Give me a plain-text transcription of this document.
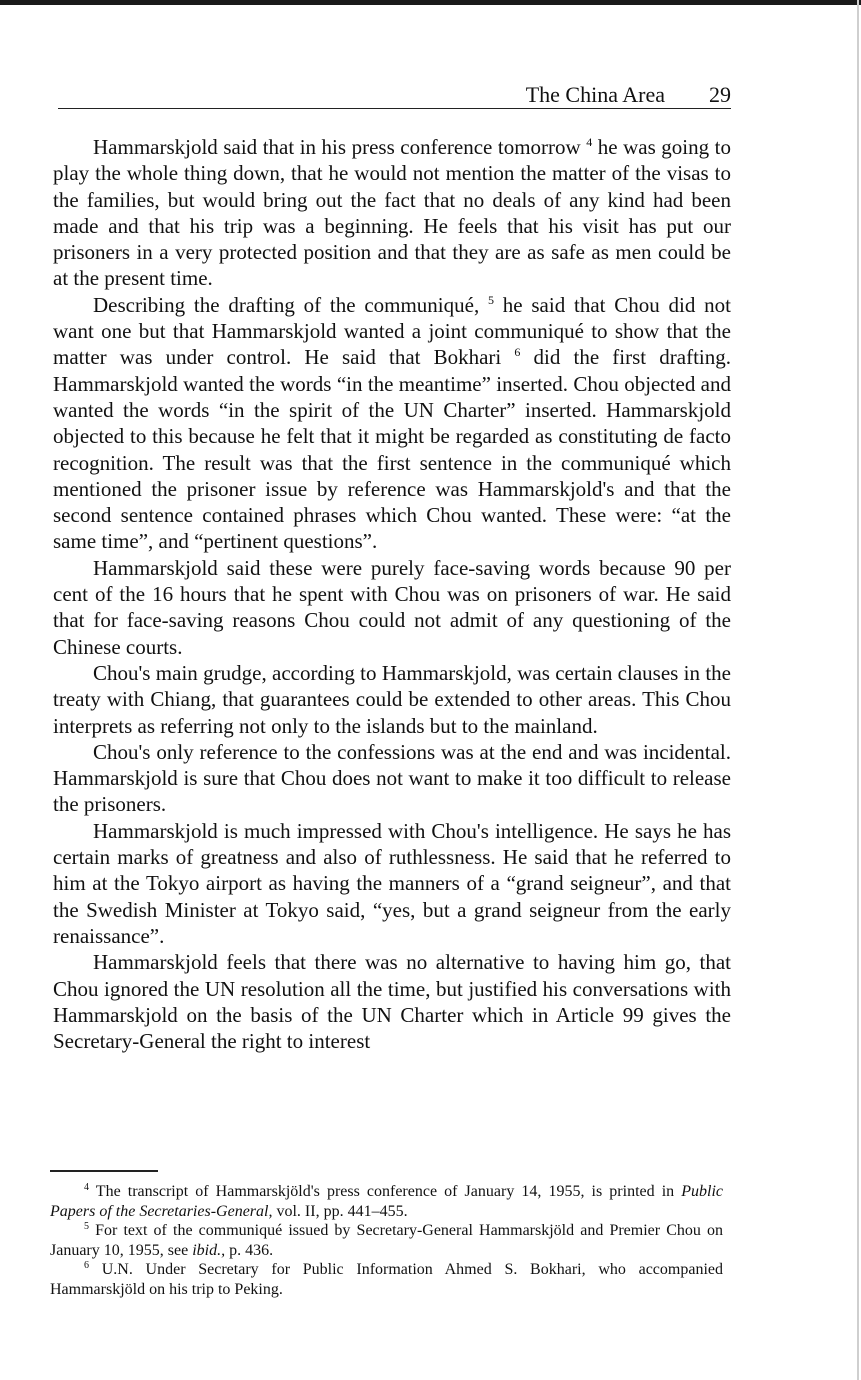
The China Area 29

Hammarskjold said that in his press conference tomorrow $^4$ he was going to play the whole thing down, that he would not mention the matter of the visas to the families, but would bring out the fact that no deals of any kind had been made and that his trip was a beginning. He feels that his visit has put our prisoners in a very protected position and that they are as safe as men could be at the present time.

Describing the drafting of the communiqué, $^5$ he said that Chou did not want one but that Hammarskjold wanted a joint communiqué to show that the matter was under control. He said that Bokhari $^6$ did the first drafting. Hammarskjold wanted the words “in the meantime” inserted. Chou objected and wanted the words “in the spirit of the UN Charter” inserted. Hammarskjold objected to this because he felt that it might be regarded as constituting de facto recognition. The result was that the first sentence in the communiqué which mentioned the prisoner issue by reference was Hammarskjold's and that the second sentence contained phrases which Chou wanted. These were: “at the same time”, and “pertinent questions”.

Hammarskjold said these were purely face-saving words because 90 per cent of the 16 hours that he spent with Chou was on prisoners of war. He said that for face-saving reasons Chou could not admit of any questioning of the Chinese courts.

Chou's main grudge, according to Hammarskjold, was certain clauses in the treaty with Chiang, that guarantees could be extended to other areas. This Chou interprets as referring not only to the islands but to the mainland.

Chou's only reference to the confessions was at the end and was incidental. Hammarskjold is sure that Chou does not want to make it too difficult to release the prisoners.

Hammarskjold is much impressed with Chou's intelligence. He says he has certain marks of greatness and also of ruthlessness. He said that he referred to him at the Tokyo airport as having the manners of a “grand seigneur”, and that the Swedish Minister at Tokyo said, “yes, but a grand seigneur from the early renaissance”.

Hammarskjold feels that there was no alternative to having him go, that Chou ignored the UN resolution all the time, but justified his conversations with Hammarskjold on the basis of the UN Charter which in Article 99 gives the Secretary-General the right to interest

$^4$ The transcript of Hammarskjöld's press conference of January 14, 1955, is printed in Public Papers of the Secretaries-General, vol. II, pp. 441–455.

$^5$ For text of the communiqué issued by Secretary-General Hammarskjöld and Premier Chou on January 10, 1955, see ibid., p. 436.

$^6$ U.N. Under Secretary for Public Information Ahmed S. Bokhari, who accompanied Hammarskjöld on his trip to Peking.
